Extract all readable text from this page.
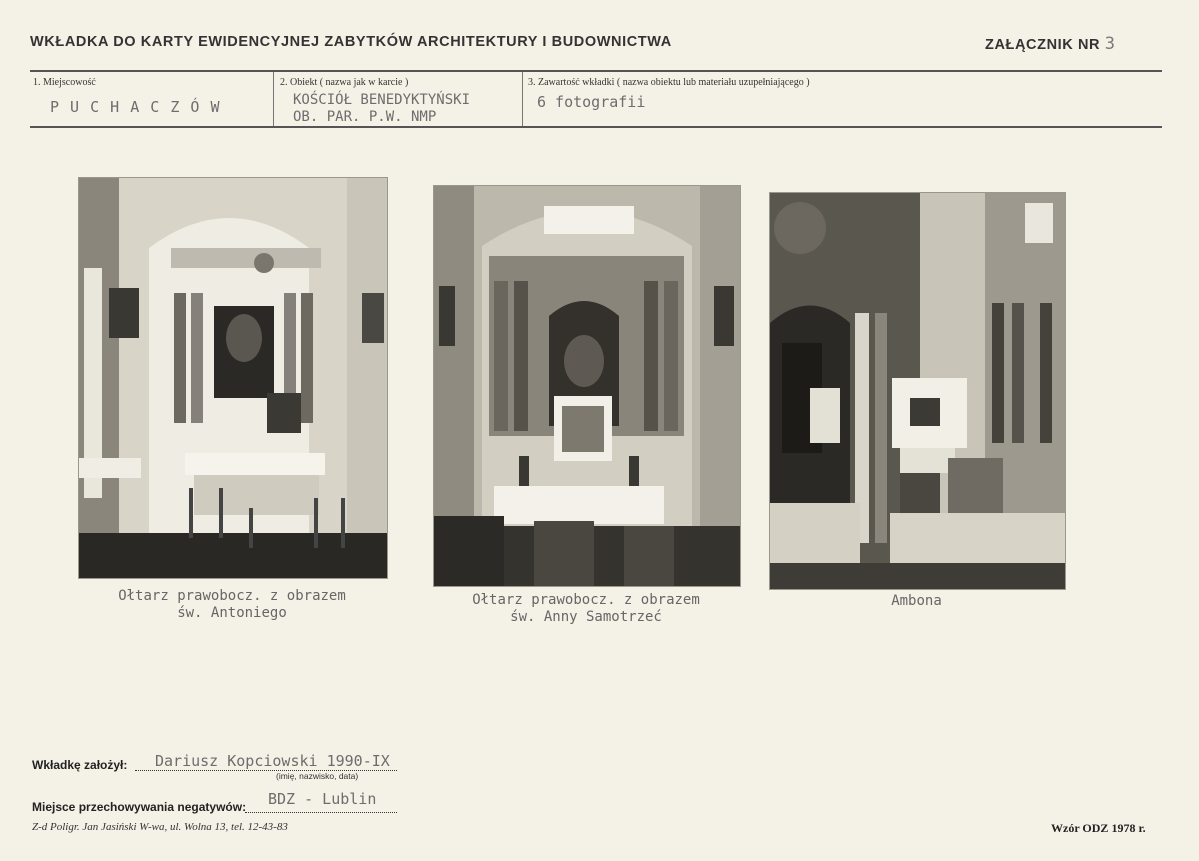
WKŁADKA DO KARTY EWIDENCYJNEJ ZABYTKÓW ARCHITEKTURY I BUDOWNICTWA	ZAŁĄCZNIK NR 3
1. Miejscowość
P U C H A C Z Ó W
2. Obiekt ( nazwa jak w karcie )
KOŚCIÓŁ BENEDYKTYŃSKI
OB. PAR. P.W. NMP
3. Zawartość wkładki ( nazwa obiektu lub materiału uzupełniającego )
6 fotografii
Ołtarz prawobocz. z obrazem
św. Antoniego
Ołtarz prawobocz. z obrazem
św. Anny Samotrzeć
Ambona
Wkładkę założył: Dariusz Kopciowski 1990-IX
(imię, nazwisko, data)
Miejsce przechowywania negatywów: BDZ - Lublin
Z-d Poligr. Jan Jasiński W-wa, ul. Wolna 13, tel. 12-43-83	Wzór ODZ 1978 r.
